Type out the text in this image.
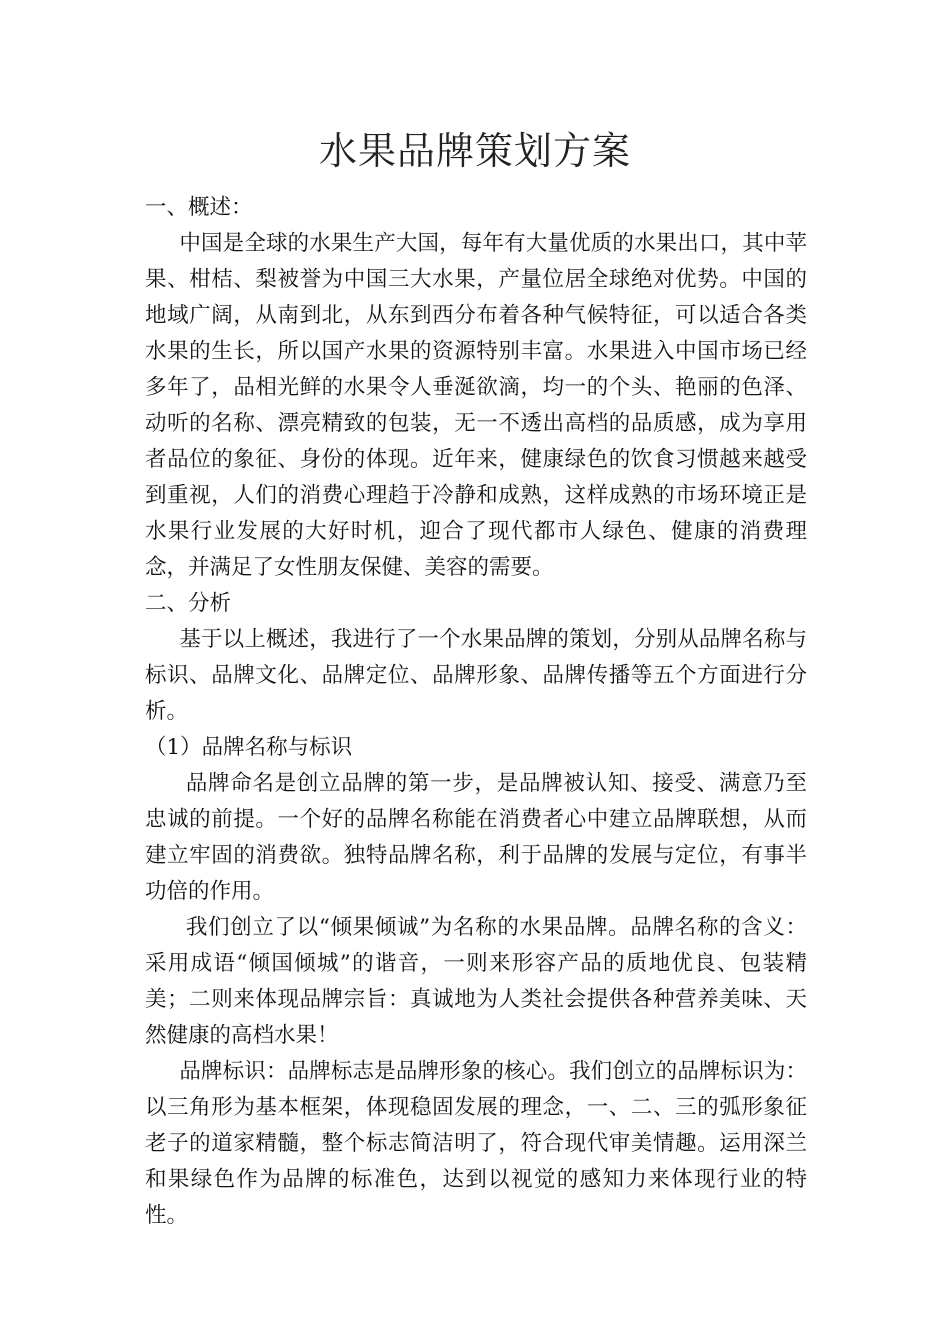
水果品牌策划方案

一、概述：

中国是全球的水果生产大国，每年有大量优质的水果出口，其中苹果、柑桔、梨被誉为中国三大水果，产量位居全球绝对优势。中国的地域广阔，从南到北，从东到西分布着各种气候特征，可以适合各类水果的生长，所以国产水果的资源特别丰富。水果进入中国市场已经多年了，品相光鲜的水果令人垂涎欲滴，均一的个头、艳丽的色泽、动听的名称、漂亮精致的包装，无一不透出高档的品质感，成为享用者品位的象征、身份的体现。近年来，健康绿色的饮食习惯越来越受到重视，人们的消费心理趋于冷静和成熟，这样成熟的市场环境正是水果行业发展的大好时机，迎合了现代都市人绿色、健康的消费理念，并满足了女性朋友保健、美容的需要。

二、分析

基于以上概述，我进行了一个水果品牌的策划，分别从品牌名称与标识、品牌文化、品牌定位、品牌形象、品牌传播等五个方面进行分析。

（1）品牌名称与标识

品牌命名是创立品牌的第一步，是品牌被认知、接受、满意乃至忠诚的前提。一个好的品牌名称能在消费者心中建立品牌联想，从而建立牢固的消费欲。独特品牌名称，利于品牌的发展与定位，有事半功倍的作用。

我们创立了以“倾果倾诚”为名称的水果品牌。品牌名称的含义：采用成语“倾国倾城”的谐音，一则来形容产品的质地优良、包装精美；二则来体现品牌宗旨：真诚地为人类社会提供各种营养美味、天然健康的高档水果！

品牌标识：品牌标志是品牌形象的核心。我们创立的品牌标识为：以三角形为基本框架，体现稳固发展的理念，一、二、三的弧形象征老子的道家精髓，整个标志简洁明了，符合现代审美情趣。运用深兰和果绿色作为品牌的标准色，达到以视觉的感知力来体现行业的特性。
